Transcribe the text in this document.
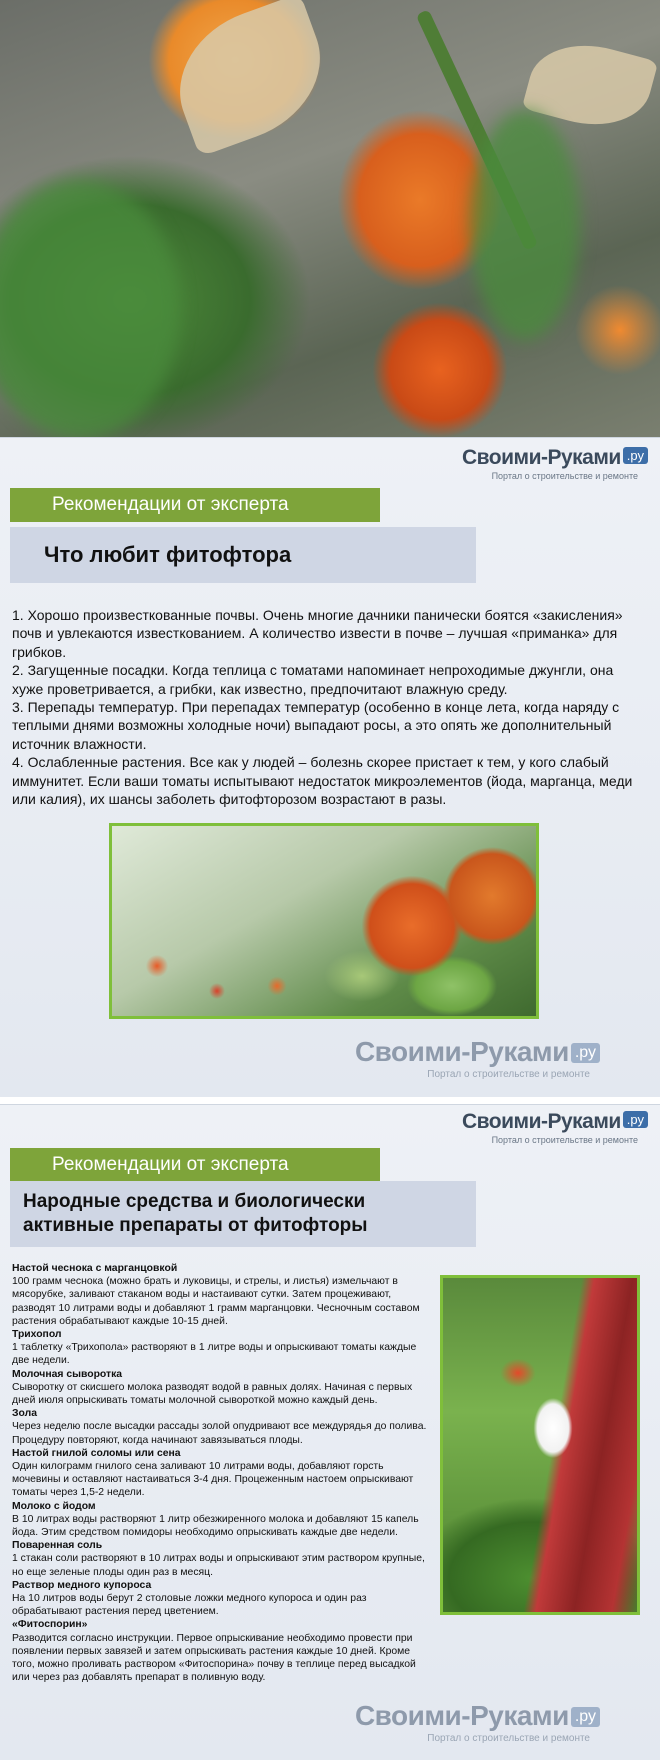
Своими-Руками .ру
Портал о строительстве и ремонте
Рекомендации от эксперта
Что любит фитофтора

1. Хорошо произвесткованные почвы. Очень многие дачники панически боятся «закисления» почв и увлекаются известкованием. А количество извести в почве – лучшая «приманка» для грибков.

2. Загущенные посадки. Когда теплица с томатами напоминает непроходимые джунгли, она хуже проветривается, а грибки, как известно, предпочитают влажную среду.

3. Перепады температур. При перепадах температур (особенно в конце лета, когда наряду с теплыми днями возможны холодные ночи) выпадают росы, а это опять же дополнительный источник влажности.

4. Ослабленные растения. Все как у людей – болезнь скорее пристает к тем, у кого слабый иммунитет. Если ваши томаты испытывают недостаток микроэлементов (йода, марганца, меди или калия), их шансы заболеть фитофторозом возрастают в разы.

Своими-Руками .ру
Портал о строительстве и ремонте
Своими-Руками .ру
Портал о строительстве и ремонте
Рекомендации от эксперта
Народные средства и биологически
активные препараты от фитофторы
Настой чеснока с марганцовкой
100 грамм чеснока (можно брать и луковицы, и стрелы, и листья) измельчают в мясорубке, заливают стаканом воды и настаивают сутки. Затем процеживают, разводят 10 литрами воды и добавляют 1 грамм марганцовки. Чесночным составом растения обрабатывают каждые 10-15 дней.
Трихопол
1 таблетку «Трихопола» растворяют в 1 литре воды и опрыскивают томаты каждые две недели.
Молочная сыворотка
Сыворотку от скисшего молока разводят водой в равных долях. Начиная с первых дней июля опрыскивать томаты молочной сывороткой можно каждый день.
Зола
Через неделю после высадки рассады золой опудривают все междурядья до полива. Процедуру повторяют, когда начинают завязываться плоды.
Настой гнилой соломы или сена
Один килограмм гнилого сена заливают 10 литрами воды, добавляют горсть мочевины и оставляют настаиваться 3-4 дня. Процеженным настоем опрыскивают томаты через 1,5-2 недели.
Молоко с йодом
В 10 литрах воды растворяют 1 литр обезжиренного молока и добавляют 15 капель йода. Этим средством помидоры необходимо опрыскивать каждые две недели.
Поваренная соль
1 стакан соли растворяют в 10 литрах воды и опрыскивают этим раствором крупные, но еще зеленые плоды один раз в месяц.
Раствор медного купороса
На 10 литров воды берут 2 столовые ложки медного купороса и один раз обрабатывают растения перед цветением.
«Фитоспорин»
Разводится согласно инструкции. Первое опрыскивание необходимо провести при появлении первых завязей и затем опрыскивать растения каждые 10 дней. Кроме того, можно проливать раствором «Фитоспорина» почву в теплице перед высадкой или через раз добавлять препарат в поливную воду.
Своими-Руками .ру
Портал о строительстве и ремонте
